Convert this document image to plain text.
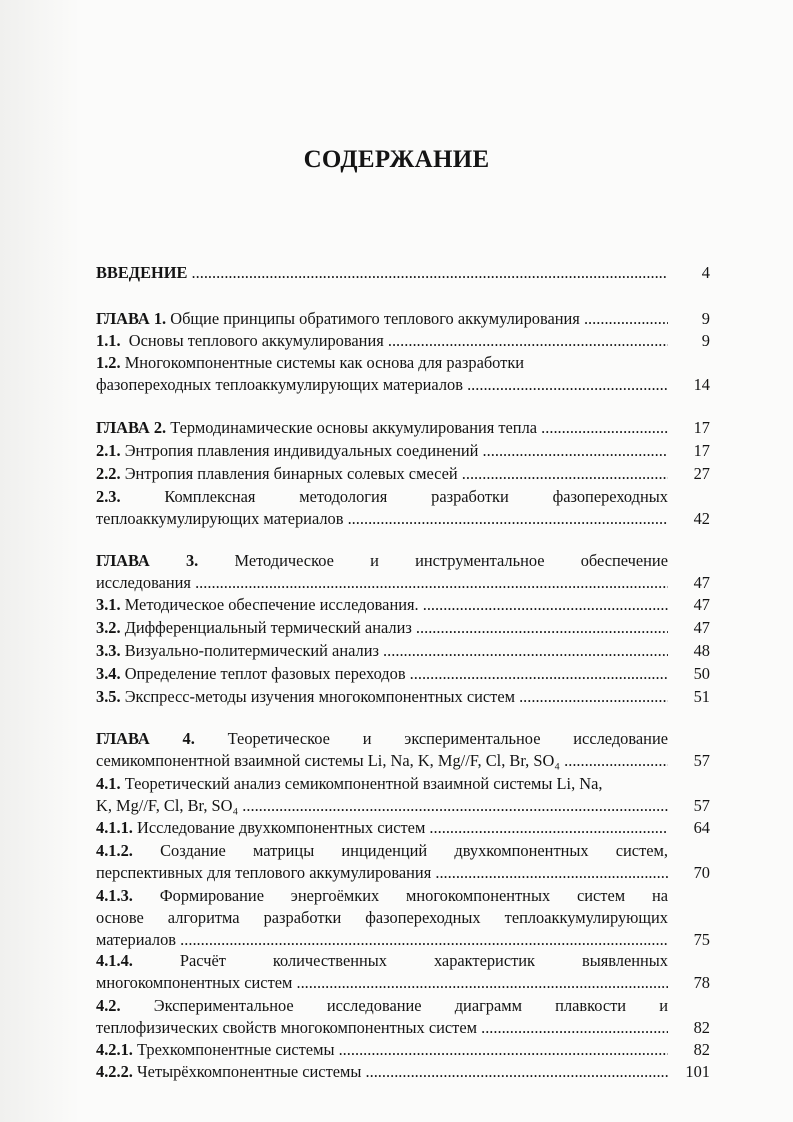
СОДЕРЖАНИЕ
ВВЕДЕНИЕ .....	4
ГЛАВА 1. Общие принципы обратимого теплового аккумулирования .....	9
1.1. Основы теплового аккумулирования .....	9
1.2. Многокомпонентные системы как основа для разработки
фазопереходных теплоаккумулирующих материалов .....	14
ГЛАВА 2. Термодинамические основы аккумулирования тепла .....	17
2.1. Энтропия плавления индивидуальных соединений .....	17
2.2. Энтропия плавления бинарных солевых смесей .....	27
2.3.	Комплексная методология разработки фазопереходных
теплоаккумулирующих материалов .....	42
ГЛАВА 3. Методическое и инструментальное обеспечение
исследования .....	47
3.1. Методическое обеспечение исследования. .....	47
3.2. Дифференциальный термический анализ .....	47
3.3. Визуально-политермический анализ .....	48
3.4. Определение теплот фазовых переходов .....	50
3.5. Экспресс-методы изучения многокомпонентных систем .....	51
ГЛАВА 4. Теоретическое и экспериментальное исследование
семикомпонентной взаимной системы Li, Na, K, Mg//F, Cl, Br, SO₄ .....	57
4.1. Теоретический анализ семикомпонентной взаимной системы Li, Na,
K, Mg//F, Cl, Br, SO₄ .....	57
4.1.1. Исследование двухкомпонентных систем .....	64
4.1.2. Создание матрицы инциденций двухкомпонентных систем,
перспективных для теплового аккумулирования .....	70
4.1.3. Формирование энергоёмких многокомпонентных систем на
основе алгоритма разработки фазопереходных теплоаккумулирующих
материалов .....	75
4.1.4.	Расчёт количественных характеристик выявленных
многокомпонентных систем .....	78
4.2. Экспериментальное исследование диаграмм плавкости и
теплофизических свойств многокомпонентных систем .....	82
4.2.1. Трехкомпонентные системы .....	82
4.2.2. Четырёхкомпонентные системы .....	101
